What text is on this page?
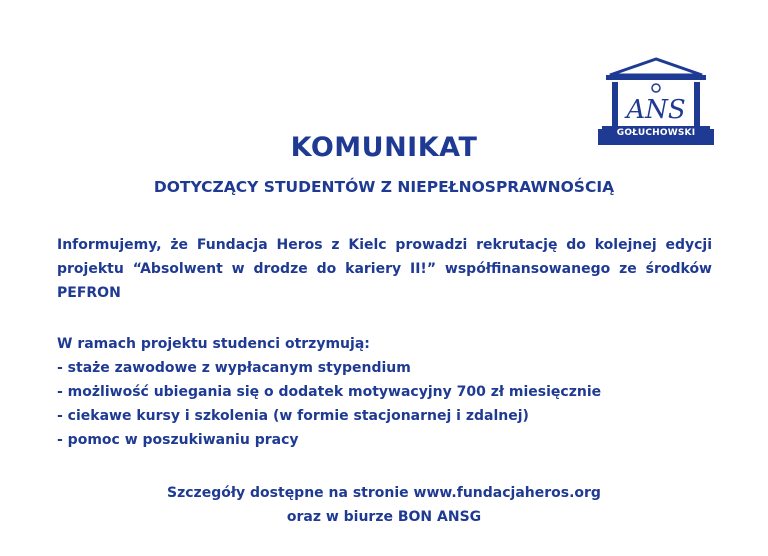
ANS
GOŁUCHOWSKI
KOMUNIKAT
DOTYCZĄCY STUDENTÓW Z NIEPEŁNOSPRAWNOŚCIĄ

Informujemy, że Fundacja Heros z Kielc prowadzi rekrutację do kolejnej edycji projektu “Absolwent w drodze do kariery II!” współfinansowanego ze środków PEFRON

W ramach projektu studenci otrzymują:
- staże zawodowe z wypłacanym stypendium
- możliwość ubiegania się o dodatek motywacyjny 700 zł miesięcznie
- ciekawe kursy i szkolenia (w formie stacjonarnej i zdalnej)
- pomoc w poszukiwaniu pracy
Szczegóły dostępne na stronie www.fundacjaheros.org
oraz w biurze BON ANSG
